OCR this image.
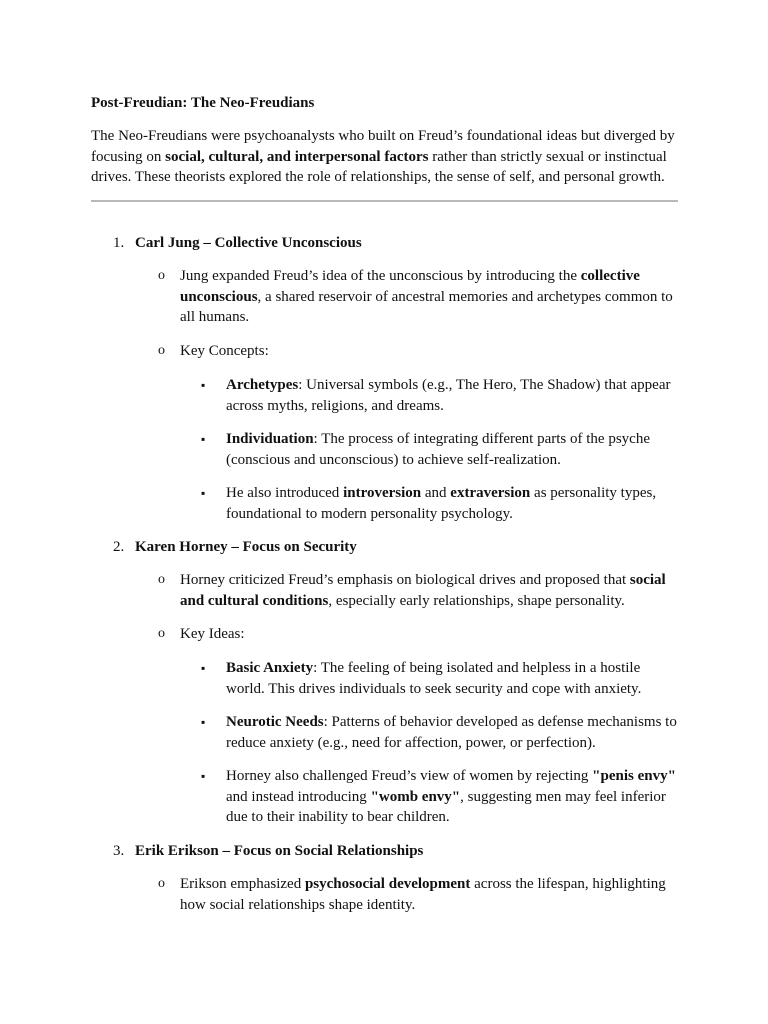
Post-Freudian: The Neo-Freudians

The Neo-Freudians were psychoanalysts who built on Freud’s foundational ideas but diverged by focusing on social, cultural, and interpersonal factors rather than strictly sexual or instinctual drives. These theorists explored the role of relationships, the sense of self, and personal growth.

1. Carl Jung – Collective Unconscious
o Jung expanded Freud’s idea of the unconscious by introducing the collective unconscious, a shared reservoir of ancestral memories and archetypes common to all humans.
o Key Concepts:
▪ Archetypes: Universal symbols (e.g., The Hero, The Shadow) that appear across myths, religions, and dreams.
▪ Individuation: The process of integrating different parts of the psyche (conscious and unconscious) to achieve self-realization.
▪ He also introduced introversion and extraversion as personality types, foundational to modern personality psychology.
2. Karen Horney – Focus on Security
o Horney criticized Freud’s emphasis on biological drives and proposed that social and cultural conditions, especially early relationships, shape personality.
o Key Ideas:
▪ Basic Anxiety: The feeling of being isolated and helpless in a hostile world. This drives individuals to seek security and cope with anxiety.
▪ Neurotic Needs: Patterns of behavior developed as defense mechanisms to reduce anxiety (e.g., need for affection, power, or perfection).
▪ Horney also challenged Freud’s view of women by rejecting "penis envy" and instead introducing "womb envy", suggesting men may feel inferior due to their inability to bear children.
3. Erik Erikson – Focus on Social Relationships
o Erikson emphasized psychosocial development across the lifespan, highlighting how social relationships shape identity.
